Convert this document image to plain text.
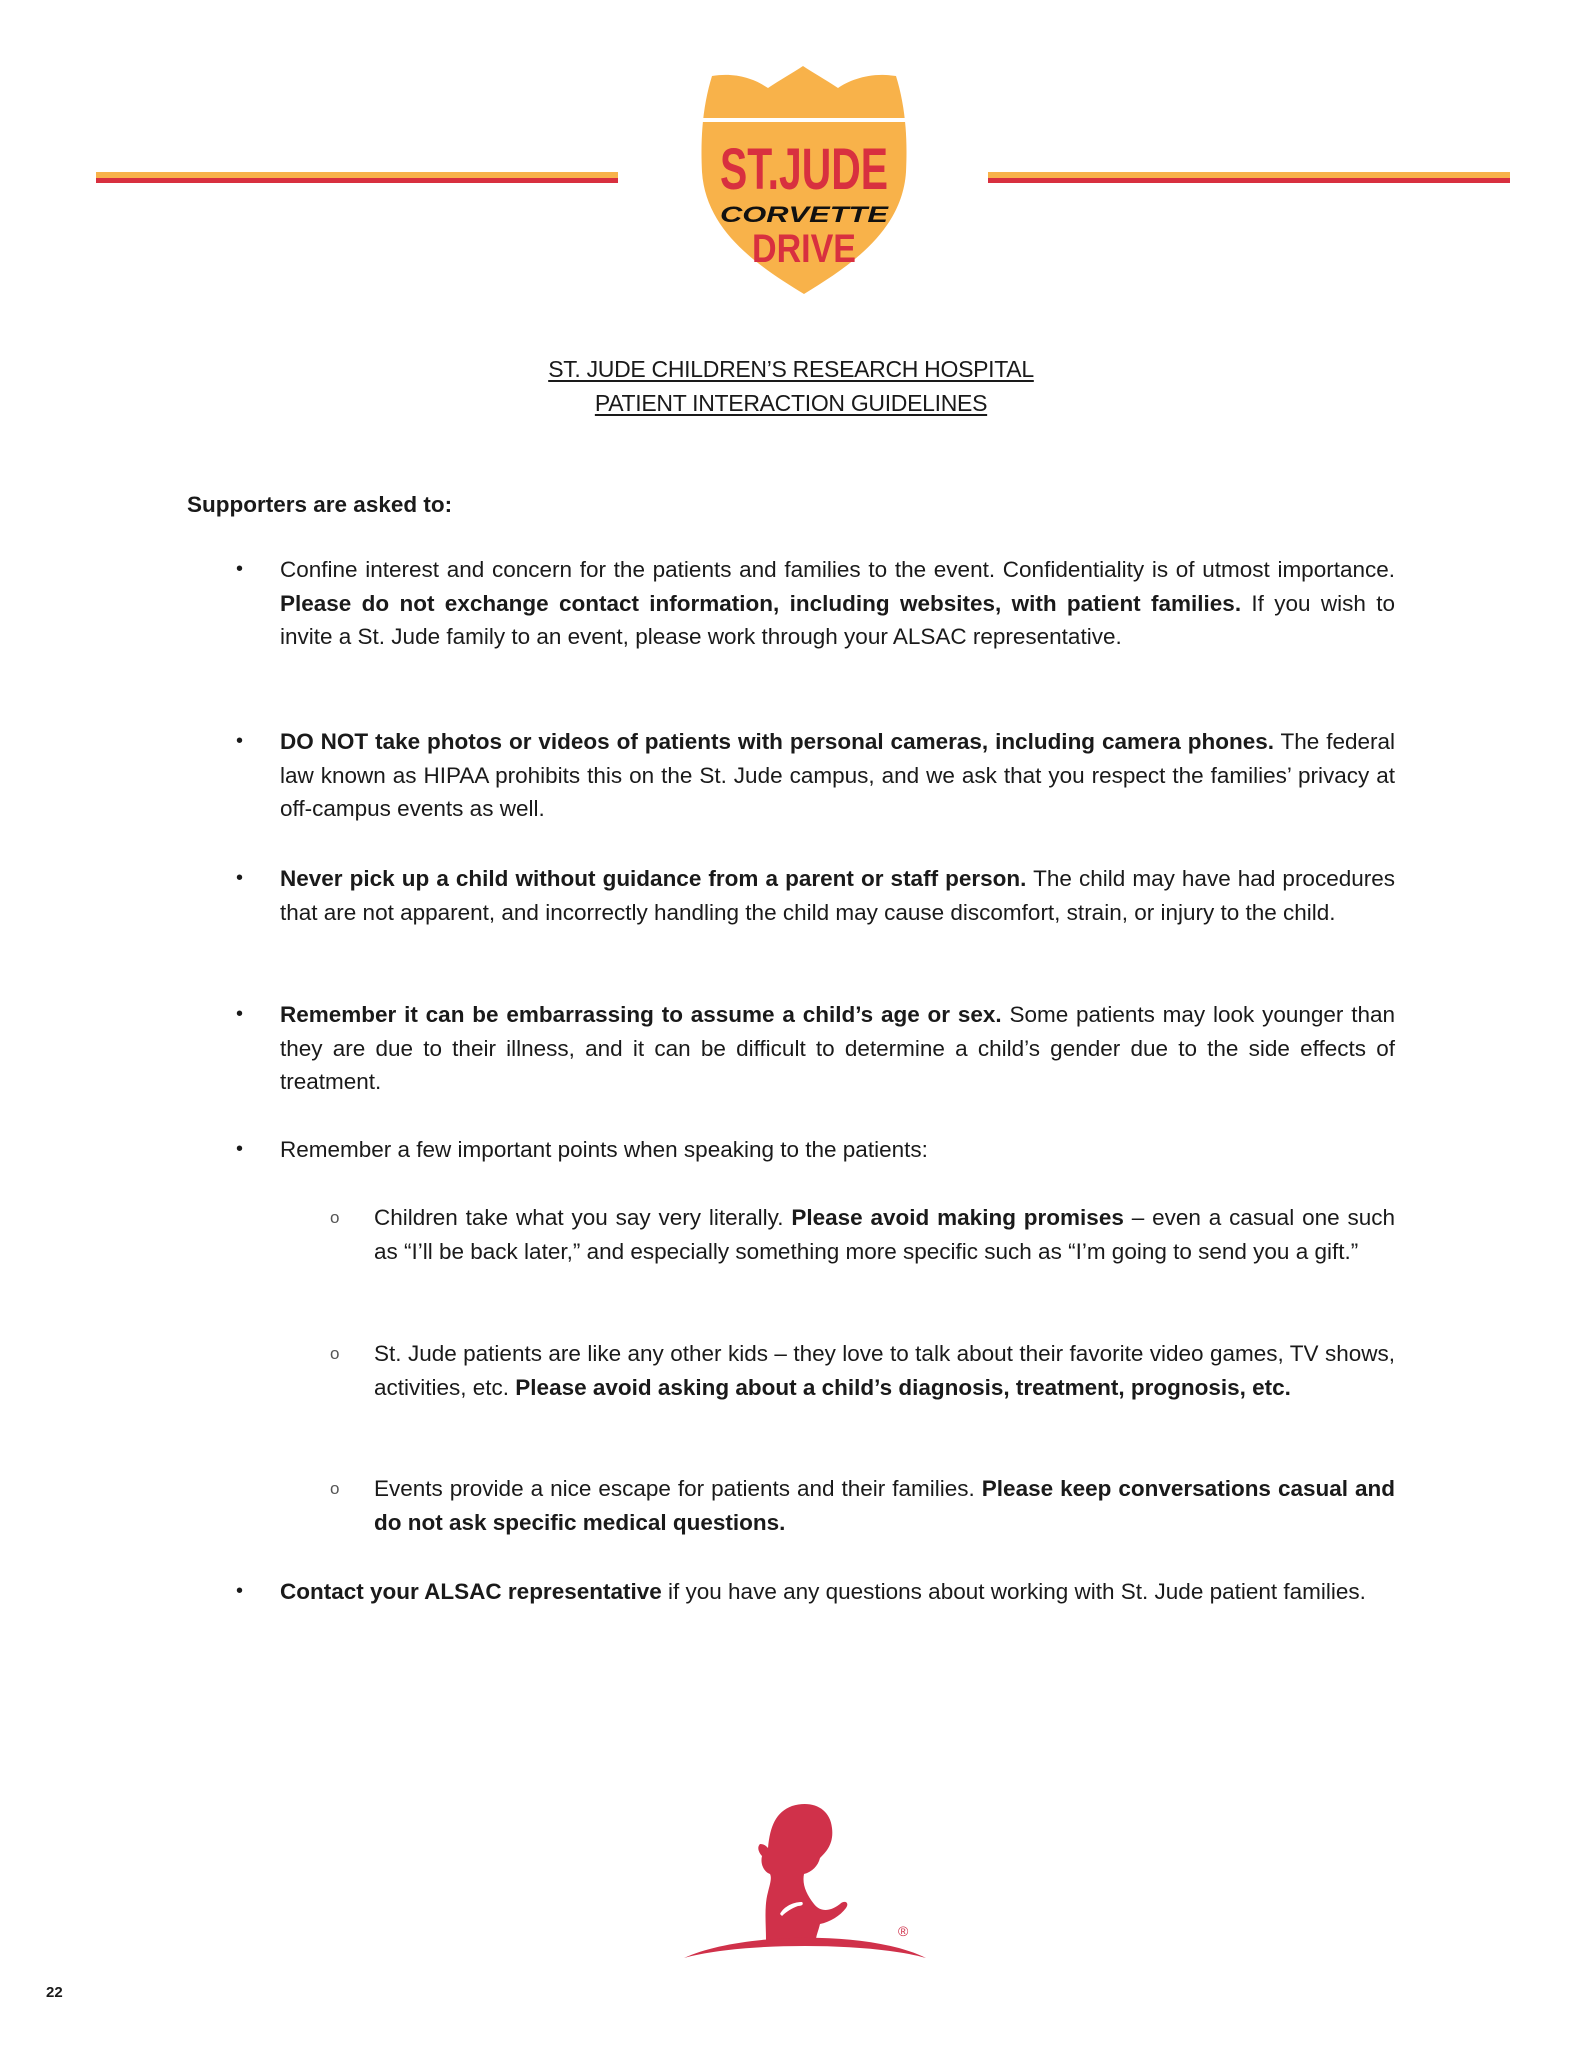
ST.JUDE
CORVETTE
DRIVE
ST. JUDE CHILDREN’S RESEARCH HOSPITAL
PATIENT INTERACTION GUIDELINES
Supporters are asked to:
• Confine interest and concern for the patients and families to the event. Confidentiality is of utmost importance. Please do not exchange contact information, including websites, with patient families. If you wish to invite a St. Jude family to an event, please work through your ALSAC representative.
• DO NOT take photos or videos of patients with personal cameras, including camera phones. The federal law known as HIPAA prohibits this on the St. Jude campus, and we ask that you respect the families’ privacy at off-campus events as well.
• Never pick up a child without guidance from a parent or staff person. The child may have had procedures that are not apparent, and incorrectly handling the child may cause discomfort, strain, or injury to the child.
• Remember it can be embarrassing to assume a child’s age or sex. Some patients may look younger than they are due to their illness, and it can be difficult to determine a child’s gender due to the side effects of treatment.
• Remember a few important points when speaking to the patients:
o Children take what you say very literally. Please avoid making promises – even a casual one such as “I’ll be back later,” and especially something more specific such as “I’m going to send you a gift.”
o St. Jude patients are like any other kids – they love to talk about their favorite video games, TV shows, activities, etc. Please avoid asking about a child’s diagnosis, treatment, prognosis, etc.
o Events provide a nice escape for patients and their families. Please keep conversations casual and do not ask specific medical questions.
• Contact your ALSAC representative if you have any questions about working with St. Jude patient families.
®
22
